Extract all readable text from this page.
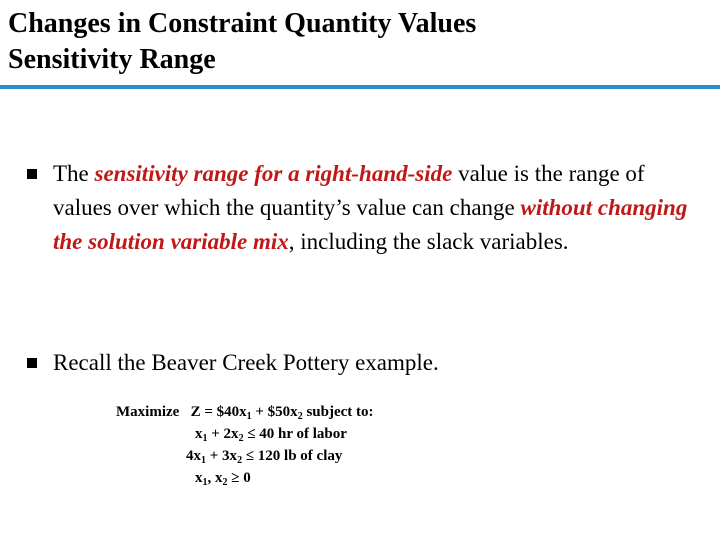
Changes in Constraint Quantity Values
Sensitivity Range
The sensitivity range for a right-hand-side value is the range of values over which the quantity’s value can change without changing the solution variable mix, including the slack variables.
Recall the Beaver Creek Pottery example.
Maximize $Z = \$40x_1$ + $\$50x_2$ subject to:
$x_1 + 2x_2 \le 40$ hr of labor
$4x_1 + 3x_2 \le 120$ lb of clay
$x_1$, $x_2 \ge 0$
